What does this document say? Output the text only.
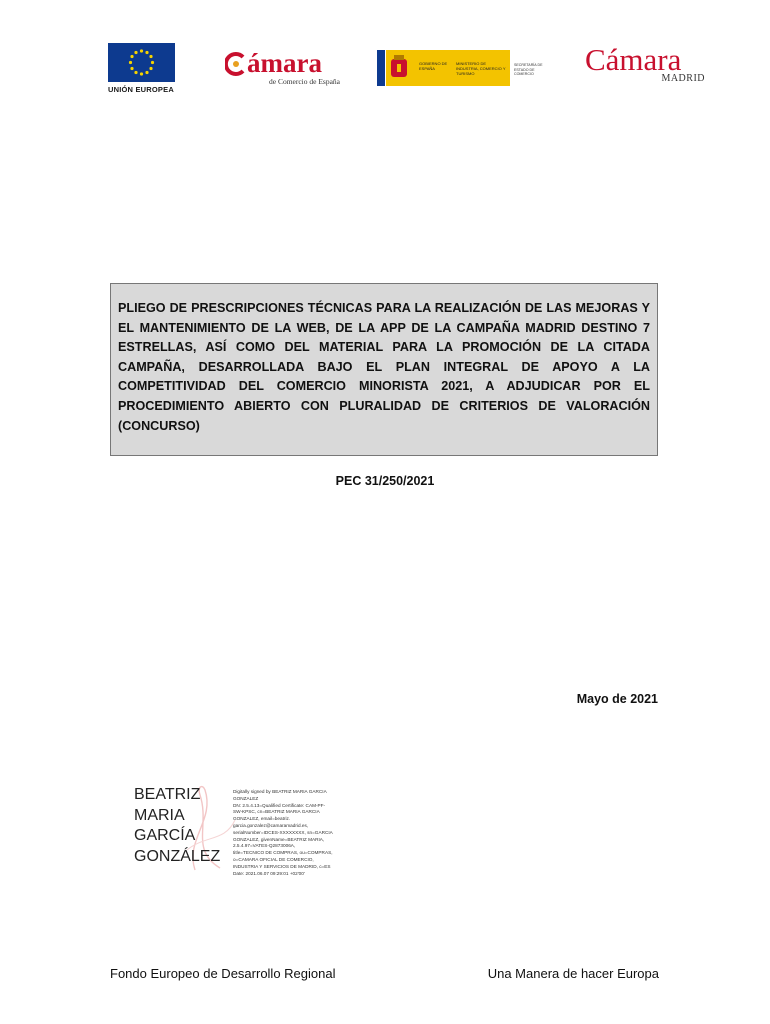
UNIÓN EUROPEA
ámara
de Comercio de España
GOBIERNO DE ESPAÑA
MINISTERIO DE INDUSTRIA, COMERCIO Y TURISMO
SECRETARÍA DE ESTADO DE COMERCIO	Cámara
MADRID
PLIEGO DE PRESCRIPCIONES TÉCNICAS PARA LA REALIZACIÓN DE LAS MEJORAS Y EL MANTENIMIENTO DE LA WEB, DE LA APP DE LA CAMPAÑA MADRID DESTINO 7 ESTRELLAS, ASÍ COMO DEL MATERIAL PARA LA PROMOCIÓN DE LA CITADA CAMPAÑA, DESARROLLADA BAJO EL PLAN INTEGRAL DE APOYO A LA COMPETITIVIDAD DEL COMERCIO MINORISTA 2021, A ADJUDICAR POR EL PROCEDIMIENTO ABIERTO CON PLURALIDAD DE CRITERIOS DE VALORACIÓN (CONCURSO)
PEC 31/250/2021
Mayo de 2021
BEATRIZ
MARIA
GARCÍA
GONZÁLEZ
Digitally signed by BEATRIZ MARIA GARCIA
GONZALEZ
DN: 2.5.4.13=Qualified Certificate: CAM-PF-
SW-KPSC, cn=BEATRIZ MARIA GARCIA
GONZALEZ, email=beatriz.
garcia.gonzalez@camaramadrid.es,
serialNumber=IDCES-XXXXXXXX, sn=GARCIA
GONZALEZ, givenName=BEATRIZ MARIA,
2.5.4.97=VATES-Q2873006A,
title=TECNICO DE COMPRAS, ou=COMPRAS,
o=CAMARA OFICIAL DE COMERCIO,
INDUSTRIA Y SERVICIOS DE MADRID, c=ES
Date: 2021.06.07 09:29:01 +02'00'
Fondo Europeo de Desarrollo Regional	Una Manera de hacer Europa
